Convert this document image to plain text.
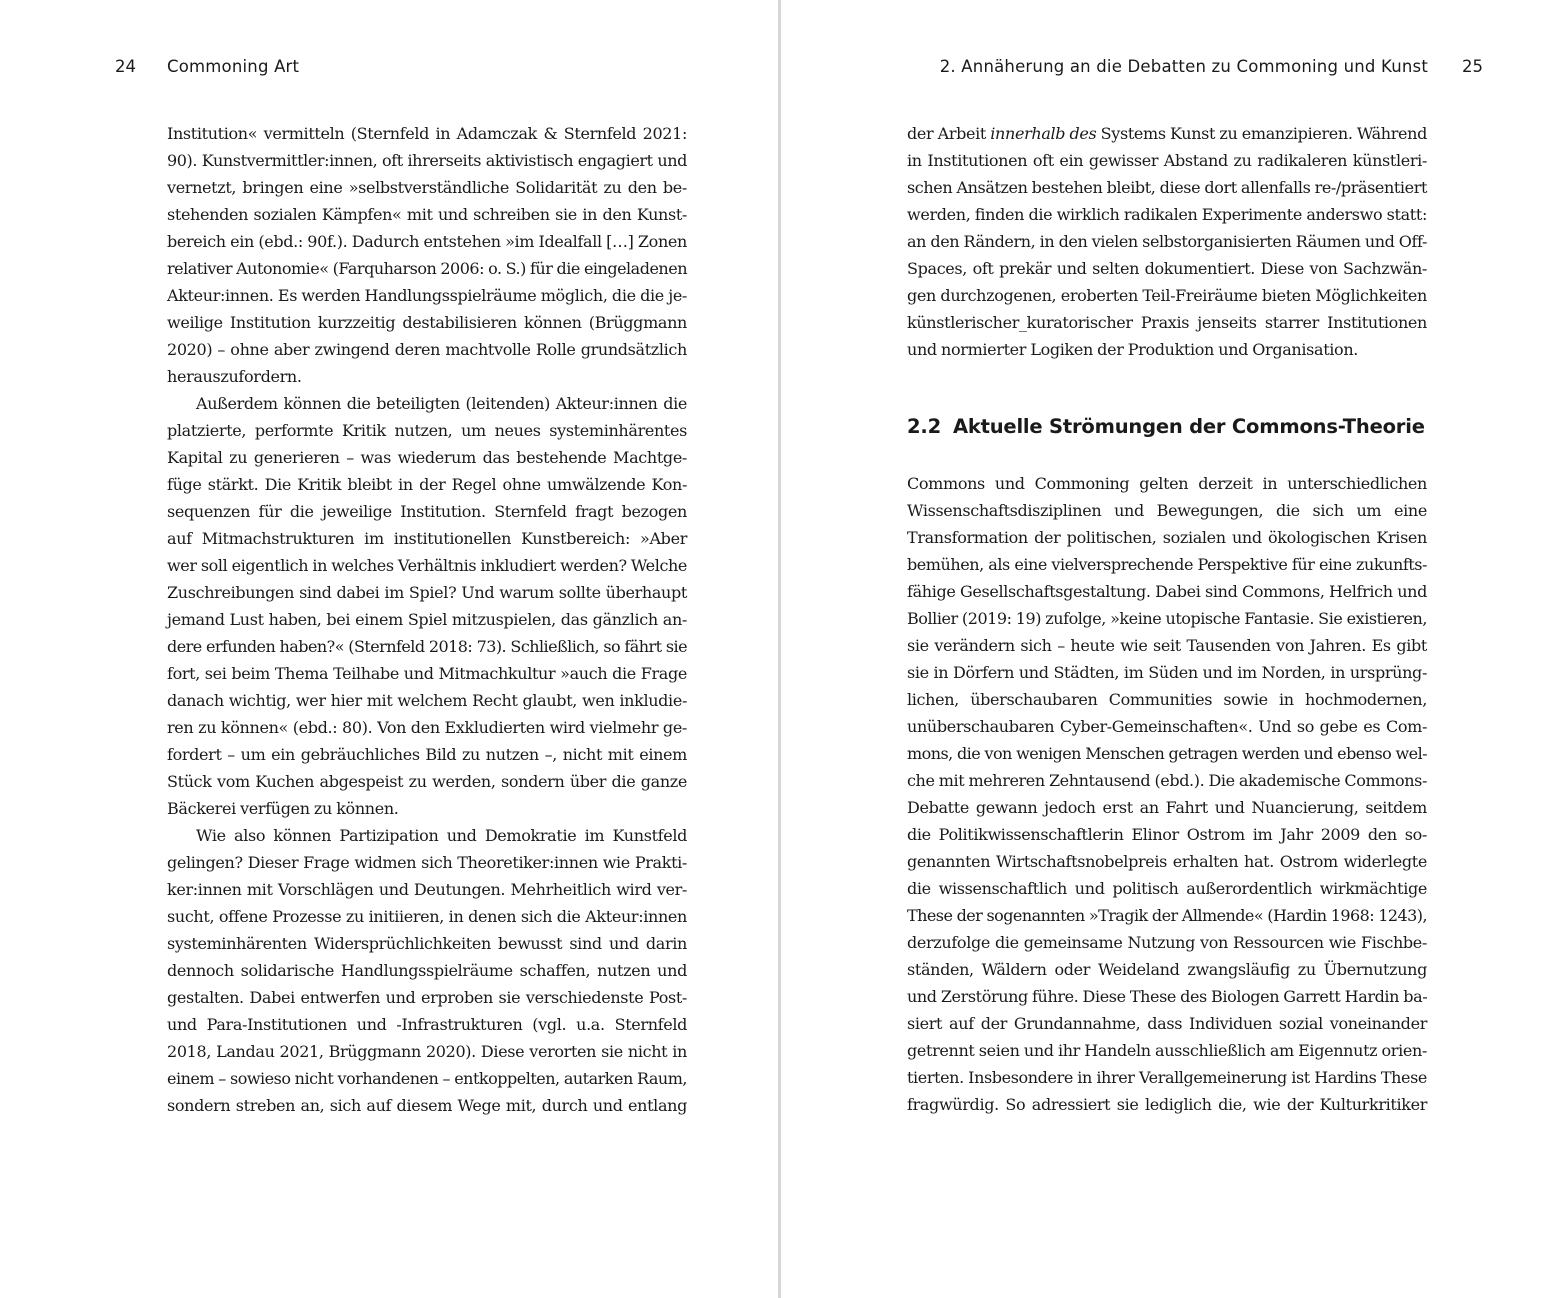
24 Commoning Art
Institution« vermitteln (Sternfeld in Adamczak & Sternfeld 2021:
90). Kunstvermittler:innen, oft ihrerseits aktivistisch engagiert und
vernetzt, bringen eine »selbstverständliche Solidarität zu den be-
stehenden sozialen Kämpfen« mit und schreiben sie in den Kunst-
bereich ein (ebd.: 90f.). Dadurch entstehen »im Idealfall […] Zonen
relativer Autonomie« (Farquharson 2006: o. S.) für die eingeladenen
Akteur:innen. Es werden Handlungsspielräume möglich, die die je-
weilige Institution kurzzeitig destabilisieren können (Brüggmann
2020) – ohne aber zwingend deren machtvolle Rolle grundsätzlich
herauszufordern.
Außerdem können die beteiligten (leitenden) Akteur:innen die
platzierte, performte Kritik nutzen, um neues systeminhärentes
Kapital zu generieren – was wiederum das bestehende Machtge-
füge stärkt. Die Kritik bleibt in der Regel ohne umwälzende Kon-
sequenzen für die jeweilige Institution. Sternfeld fragt bezogen
auf Mitmachstrukturen im institutionellen Kunstbereich: »Aber
wer soll eigentlich in welches Verhältnis inkludiert werden? Welche
Zuschreibungen sind dabei im Spiel? Und warum sollte überhaupt
jemand Lust haben, bei einem Spiel mitzuspielen, das gänzlich an-
dere erfunden haben?« (Sternfeld 2018: 73). Schließlich, so fährt sie
fort, sei beim Thema Teilhabe und Mitmachkultur »auch die Frage
danach wichtig, wer hier mit welchem Recht glaubt, wen inkludie-
ren zu können« (ebd.: 80). Von den Exkludierten wird vielmehr ge-
fordert – um ein gebräuchliches Bild zu nutzen –, nicht mit einem
Stück vom Kuchen abgespeist zu werden, sondern über die ganze
Bäckerei verfügen zu können.
Wie also können Partizipation und Demokratie im Kunstfeld
gelingen? Dieser Frage widmen sich Theoretiker:innen wie Prakti-
ker:innen mit Vorschlägen und Deutungen. Mehrheitlich wird ver-
sucht, offene Prozesse zu initiieren, in denen sich die Akteur:innen
systeminhärenten Widersprüchlichkeiten bewusst sind und darin
dennoch solidarische Handlungsspielräume schaffen, nutzen und
gestalten. Dabei entwerfen und erproben sie verschiedenste Post-
und Para-Institutionen und -Infrastrukturen (vgl. u.a. Sternfeld
2018, Landau 2021, Brüggmann 2020). Diese verorten sie nicht in
einem – sowieso nicht vorhandenen – entkoppelten, autarken Raum,
sondern streben an, sich auf diesem Wege mit, durch und entlang
2. Annäherung an die Debatten zu Commoning und Kunst 25
der Arbeit innerhalb des Systems Kunst zu emanzipieren. Während
in Institutionen oft ein gewisser Abstand zu radikaleren künstleri-
schen Ansätzen bestehen bleibt, diese dort allenfalls re-/präsentiert
werden, finden die wirklich radikalen Experimente anderswo statt:
an den Rändern, in den vielen selbstorganisierten Räumen und Off-
Spaces, oft prekär und selten dokumentiert. Diese von Sachzwän-
gen durchzogenen, eroberten Teil-Freiräume bieten Möglichkeiten
künstlerischer_kuratorischer Praxis jenseits starrer Institutionen
und normierter Logiken der Produktion und Organisation.
2.2 Aktuelle Strömungen der Commons-Theorie
Commons und Commoning gelten derzeit in unterschiedlichen
Wissenschaftsdisziplinen und Bewegungen, die sich um eine
Transformation der politischen, sozialen und ökologischen Krisen
bemühen, als eine vielversprechende Perspektive für eine zukunfts-
fähige Gesellschaftsgestaltung. Dabei sind Commons, Helfrich und
Bollier (2019: 19) zufolge, »keine utopische Fantasie. Sie existieren,
sie verändern sich – heute wie seit Tausenden von Jahren. Es gibt
sie in Dörfern und Städten, im Süden und im Norden, in ursprüng-
lichen, überschaubaren Communities sowie in hochmodernen,
unüberschaubaren Cyber-Gemeinschaften«. Und so gebe es Com-
mons, die von wenigen Menschen getragen werden und ebenso wel-
che mit mehreren Zehntausend (ebd.). Die akademische Commons-
Debatte gewann jedoch erst an Fahrt und Nuancierung, seitdem
die Politikwissenschaftlerin Elinor Ostrom im Jahr 2009 den so-
genannten Wirtschaftsnobelpreis erhalten hat. Ostrom widerlegte
die wissenschaftlich und politisch außerordentlich wirkmächtige
These der sogenannten »Tragik der Allmende« (Hardin 1968: 1243),
derzufolge die gemeinsame Nutzung von Ressourcen wie Fischbe-
ständen, Wäldern oder Weideland zwangsläufig zu Übernutzung
und Zerstörung führe. Diese These des Biologen Garrett Hardin ba-
siert auf der Grundannahme, dass Individuen sozial voneinander
getrennt seien und ihr Handeln ausschließlich am Eigennutz orien-
tierten. Insbesondere in ihrer Verallgemeinerung ist Hardins These
fragwürdig. So adressiert sie lediglich die, wie der Kulturkritiker
